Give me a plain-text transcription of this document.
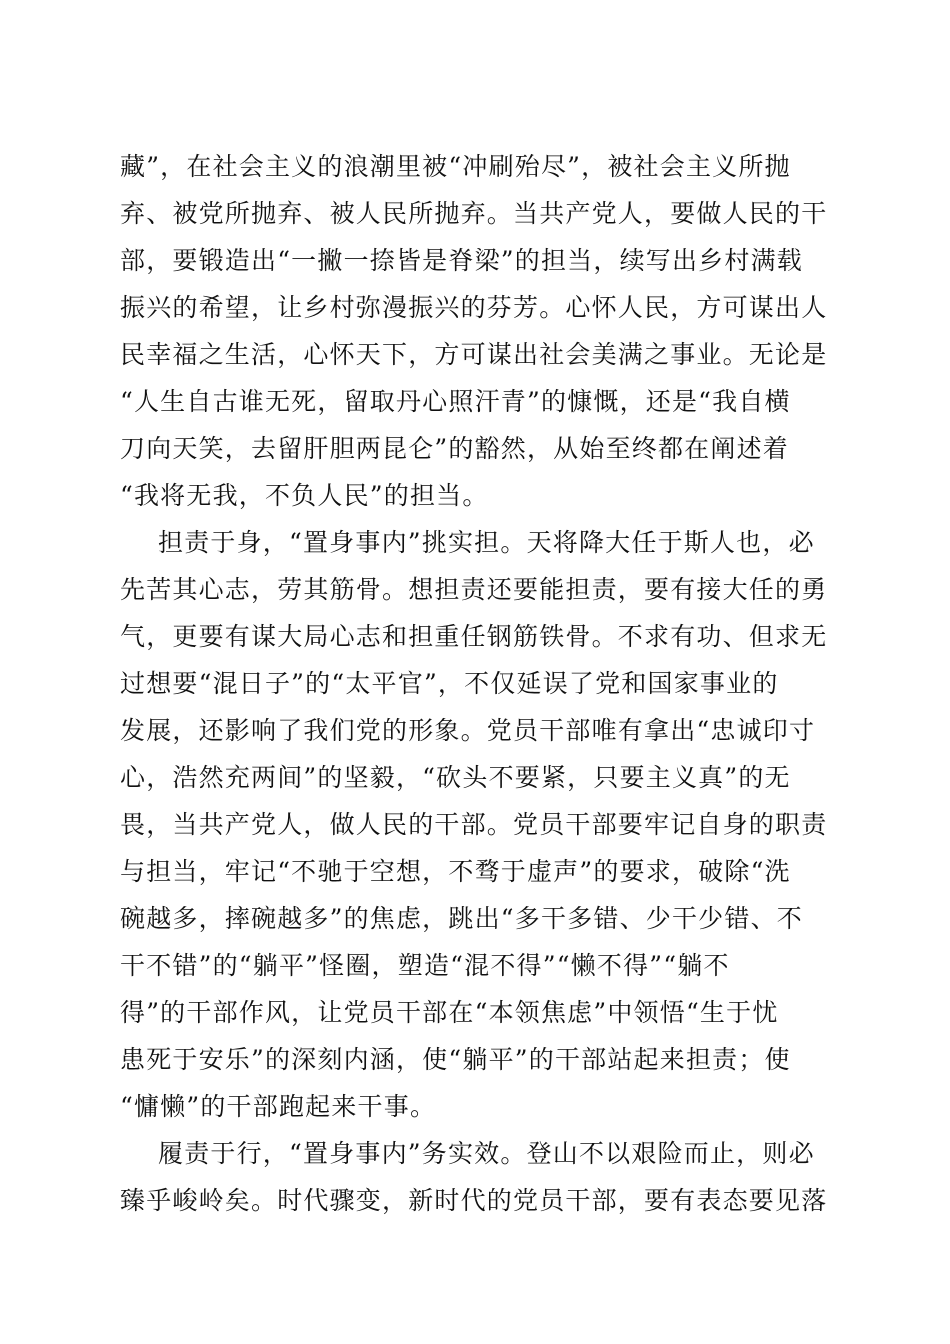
藏”，在社会主义的浪潮里被“冲刷殆尽”，被社会主义所抛
弃、被党所抛弃、被人民所抛弃。当共产党人，要做人民的干
部，要锻造出“一撇一捺皆是脊梁”的担当，续写出乡村满载
振兴的希望，让乡村弥漫振兴的芬芳。心怀人民，方可谋出人
民幸福之生活，心怀天下，方可谋出社会美满之事业。无论是
“人生自古谁无死，留取丹心照汗青”的慷慨，还是“我自横
刀向天笑，去留肝胆两昆仑”的豁然，从始至终都在阐述着
“我将无我，不负人民”的担当。
担责于身，“置身事内”挑实担。天将降大任于斯人也，必
先苦其心志，劳其筋骨。想担责还要能担责，要有接大任的勇
气，更要有谋大局心志和担重任钢筋铁骨。不求有功、但求无
过想要“混日子”的“太平官”，不仅延误了党和国家事业的
发展，还影响了我们党的形象。党员干部唯有拿出“忠诚印寸
心，浩然充两间”的坚毅，“砍头不要紧，只要主义真”的无
畏，当共产党人，做人民的干部。党员干部要牢记自身的职责
与担当，牢记“不驰于空想，不骛于虚声”的要求，破除“洗
碗越多，摔碗越多”的焦虑，跳出“多干多错、少干少错、不
干不错”的“躺平”怪圈，塑造“混不得”“懒不得”“躺不
得”的干部作风，让党员干部在“本领焦虑”中领悟“生于忧
患死于安乐”的深刻内涵，使“躺平”的干部站起来担责；使
“慵懒”的干部跑起来干事。
履责于行，“置身事内”务实效。登山不以艰险而止，则必
臻乎峻岭矣。时代骤变，新时代的党员干部，要有表态要见落
